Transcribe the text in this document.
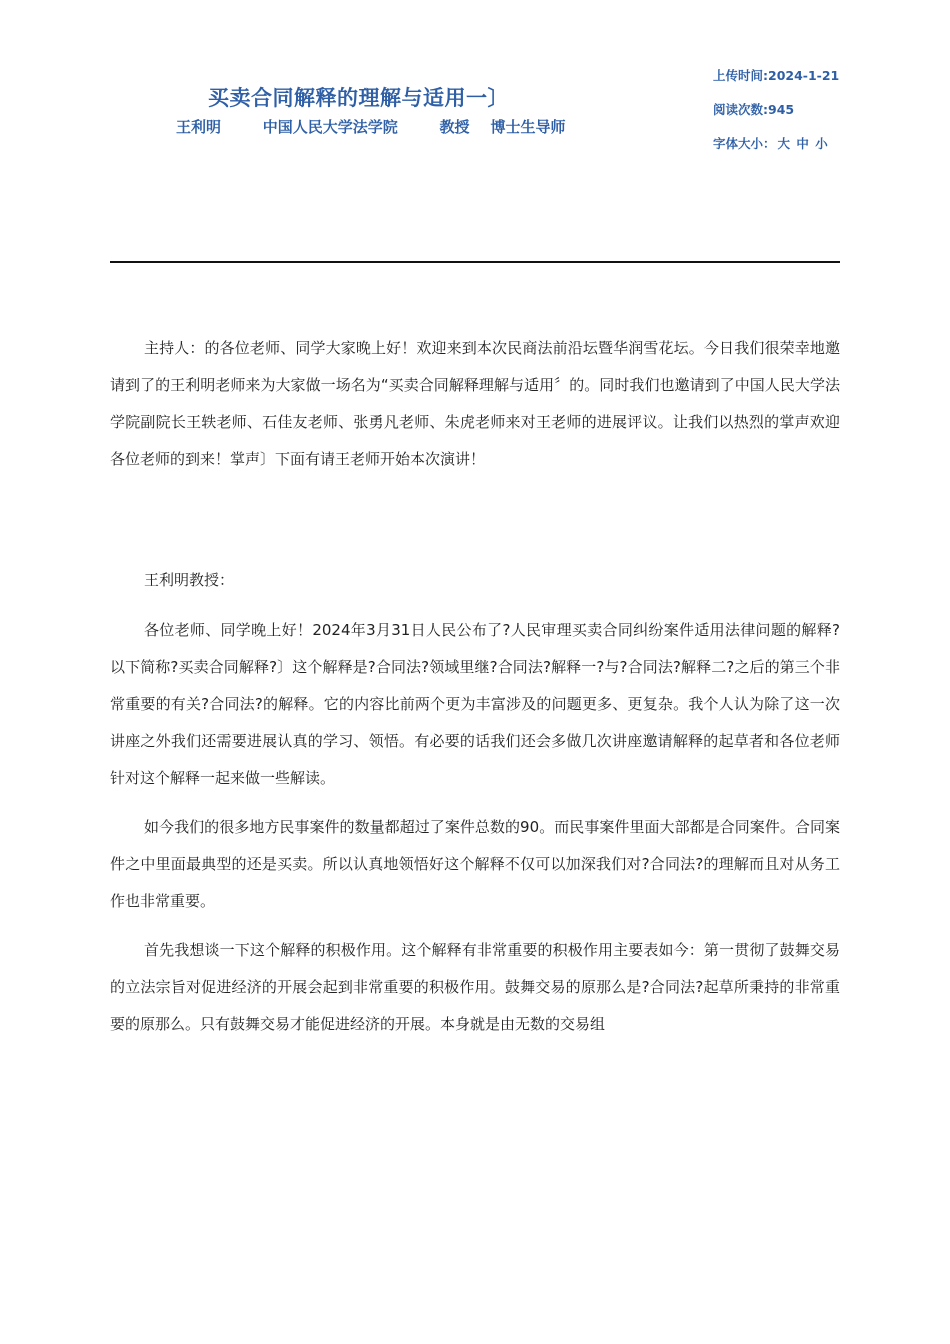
买卖合同解释的理解与适用一〕
王利明        中国人民大学法学院        教授    博士生导师
上传时间:2024-1-21
阅读次数:945
字体大小： 大 中 小

主持人：的各位老师、同学大家晚上好！欢迎来到本次民商法前沿坛暨华润雪花坛。今日我们很荣幸地邀请到了的王利明老师来为大家做一场名为“买卖合同解释理解与适用〞的。同时我们也邀请到了中国人民大学法学院副院长王轶老师、石佳友老师、张勇凡老师、朱虎老师来对王老师的进展评议。让我们以热烈的掌声欢迎各位老师的到来！掌声〕下面有请王老师开始本次演讲！

王利明教授：

各位老师、同学晚上好！2024年3月31日人民公布了?人民审理买卖合同纠纷案件适用法律问题的解释?以下简称?买卖合同解释?〕这个解释是?合同法?领域里继?合同法?解释一?与?合同法?解释二?之后的第三个非常重要的有关?合同法?的解释。它的内容比前两个更为丰富涉及的问题更多、更复杂。我个人认为除了这一次讲座之外我们还需要进展认真的学习、领悟。有必要的话我们还会多做几次讲座邀请解释的起草者和各位老师针对这个解释一起来做一些解读。

如今我们的很多地方民事案件的数量都超过了案件总数的90。而民事案件里面大部都是合同案件。合同案件之中里面最典型的还是买卖。所以认真地领悟好这个解释不仅可以加深我们对?合同法?的理解而且对从务工作也非常重要。

首先我想谈一下这个解释的积极作用。这个解释有非常重要的积极作用主要表如今：第一贯彻了鼓舞交易的立法宗旨对促进经济的开展会起到非常重要的积极作用。鼓舞交易的原那么是?合同法?起草所秉持的非常重要的原那么。只有鼓舞交易才能促进经济的开展。本身就是由无数的交易组
